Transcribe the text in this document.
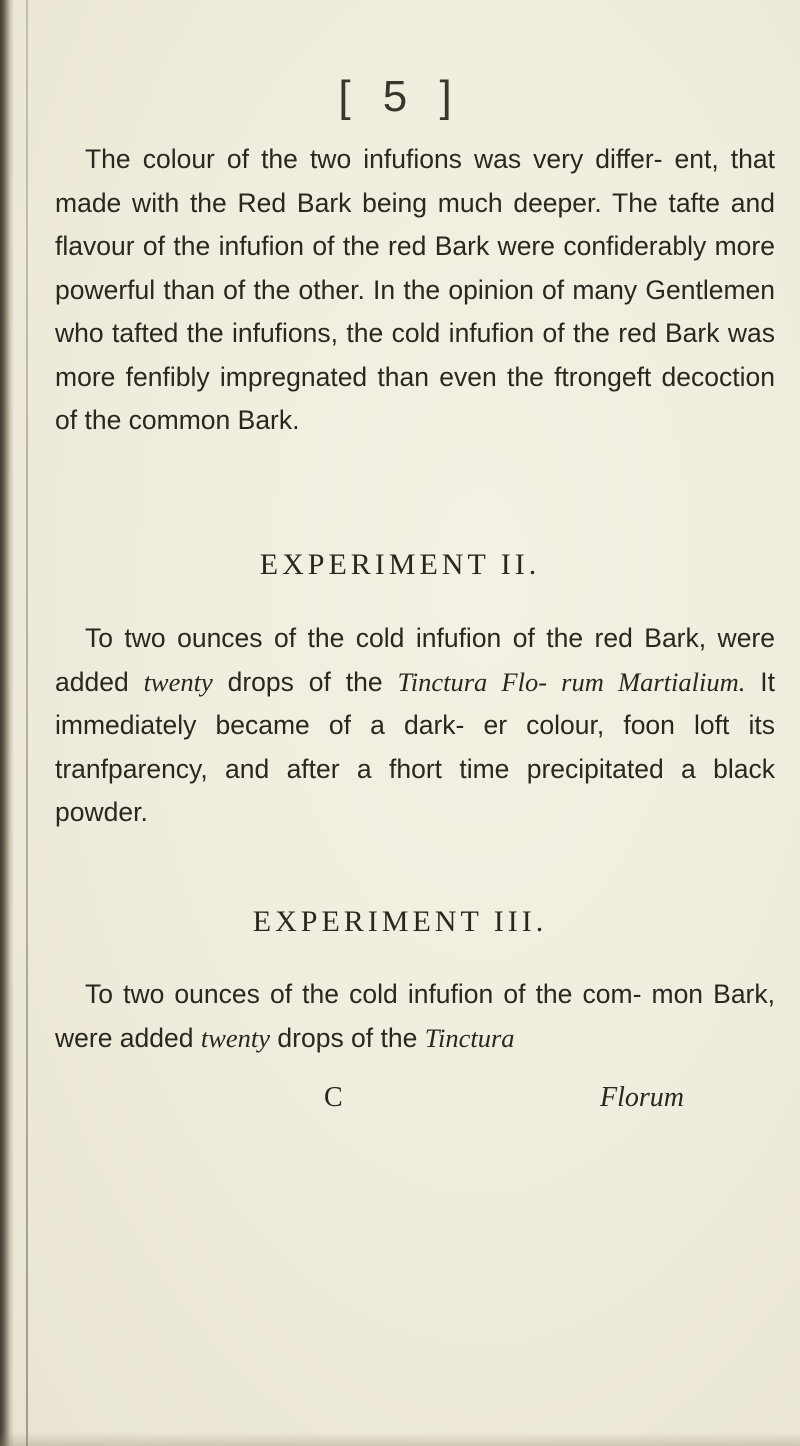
[ 5 ]
The colour of the two infufions was very differ- ent, that made with the Red Bark being much deeper. The tafte and flavour of the infufion of the red Bark were confiderably more powerful than of the other. In the opinion of many Gentlemen who tafted the infufions, the cold infufion of the red Bark was more fenfibly impregnated than even the ftrongeft decoction of the common Bark.
EXPERIMENT II.
To two ounces of the cold infufion of the red Bark, were added twenty drops of the Tinctura Flo- rum Martialium. It immediately became of a dark- er colour, foon loft its tranfparency, and after a fhort time precipitated a black powder.
EXPERIMENT III.
To two ounces of the cold infufion of the com- mon Bark, were added twenty drops of the Tinctura
C	Florum
